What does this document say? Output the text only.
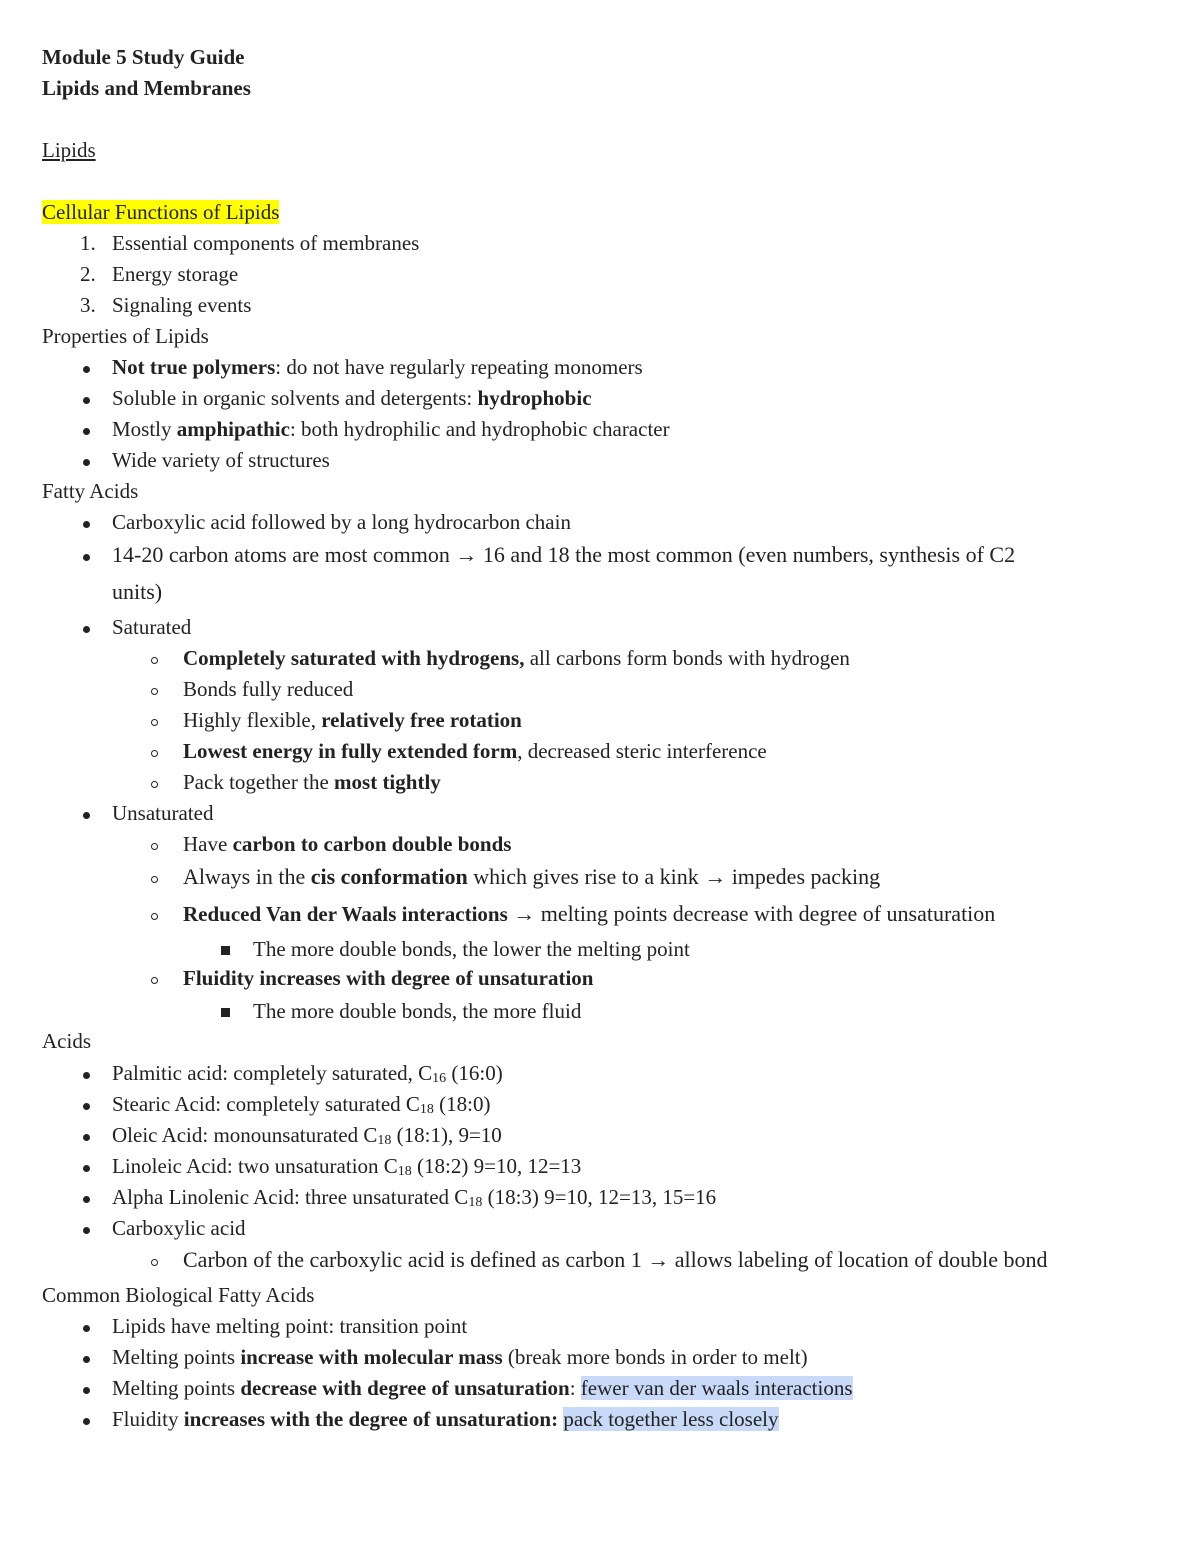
Module 5 Study Guide
Lipids and Membranes
Lipids
Cellular Functions of Lipids
1. Essential components of membranes
2. Energy storage
3. Signaling events
Properties of Lipids
Not true polymers: do not have regularly repeating monomers
Soluble in organic solvents and detergents: hydrophobic
Mostly amphipathic: both hydrophilic and hydrophobic character
Wide variety of structures
Fatty Acids
Carboxylic acid followed by a long hydrocarbon chain
14-20 carbon atoms are most common → 16 and 18 the most common (even numbers, synthesis of C2
units)
Saturated
Completely saturated with hydrogens, all carbons form bonds with hydrogen
Bonds fully reduced
Highly flexible, relatively free rotation
Lowest energy in fully extended form, decreased steric interference
Pack together the most tightly
Unsaturated
Have carbon to carbon double bonds
Always in the cis conformation which gives rise to a kink → impedes packing
Reduced Van der Waals interactions → melting points decrease with degree of unsaturation
The more double bonds, the lower the melting point
Fluidity increases with degree of unsaturation
The more double bonds, the more fluid
Acids
Palmitic acid: completely saturated, C16 (16:0)
Stearic Acid: completely saturated C18 (18:0)
Oleic Acid: monounsaturated C18 (18:1), 9=10
Linoleic Acid: two unsaturation C18 (18:2) 9=10, 12=13
Alpha Linolenic Acid: three unsaturated C18 (18:3) 9=10, 12=13, 15=16
Carboxylic acid
Carbon of the carboxylic acid is defined as carbon 1 → allows labeling of location of double bond
Common Biological Fatty Acids
Lipids have melting point: transition point
Melting points increase with molecular mass (break more bonds in order to melt)
Melting points decrease with degree of unsaturation: fewer van der waals interactions
Fluidity increases with the degree of unsaturation: pack together less closely
